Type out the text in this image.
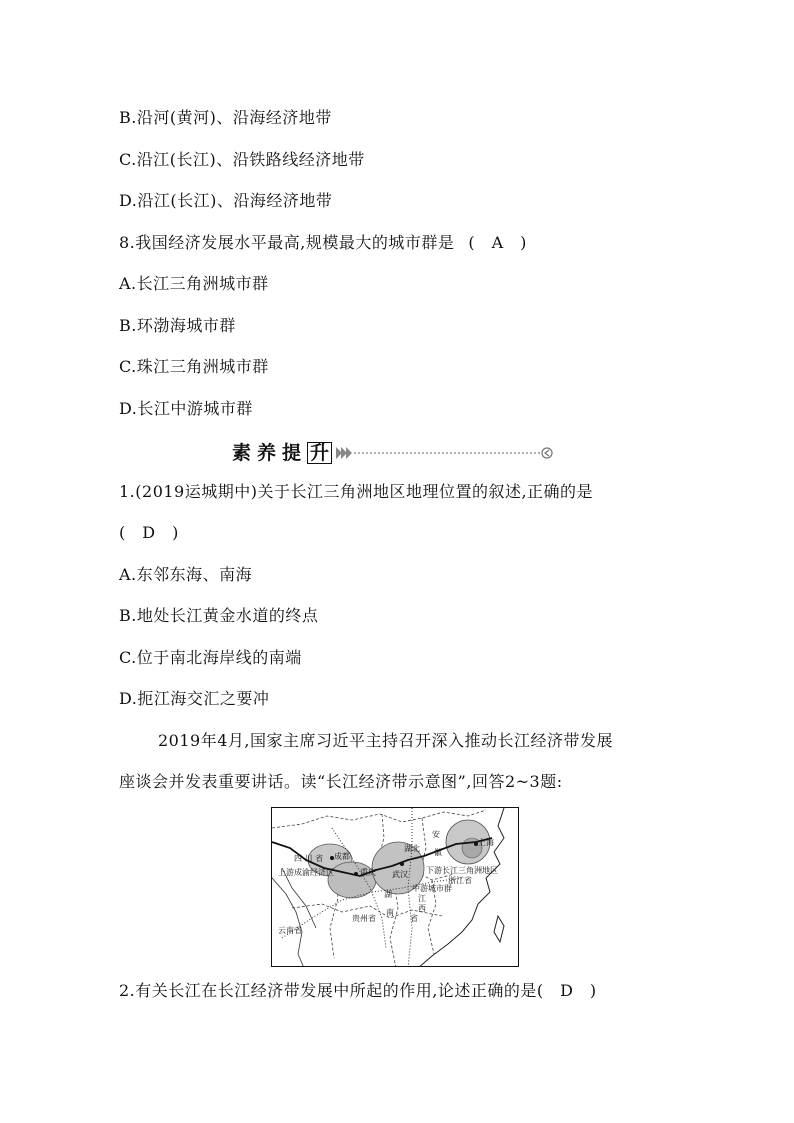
B.沿河(黄河)、沿海经济地带
C.沿江(长江)、沿铁路线经济地带
D.沿江(长江)、沿海经济地带
8.我国经济发展水平最高,规模最大的城市群是 (　A　)
A.长江三角洲城市群
B.环渤海城市群
C.珠江三角洲城市群
D.长江中游城市群
素养提 升
1.(2019运城期中)关于长江三角洲地区地理位置的叙述,正确的是
(　D　)
A.东邻东海、南海
B.地处长江黄金水道的终点
C.位于南北海岸线的南端
D.扼江海交汇之要冲
2019年4月,国家主席习近平主持召开深入推动长江经济带发展
座谈会并发表重要讲话。读“长江经济带示意图”,回答2~3题:
四 川 省 成都
重庆
上游成渝经济区
湖北
武汉
安
徽
上海
下游长江三角洲地区
浙江省
中游城市群
湖
南
省
江
西
贵州省
云南省
2.有关长江在长江经济带发展中所起的作用,论述正确的是(　D　)
